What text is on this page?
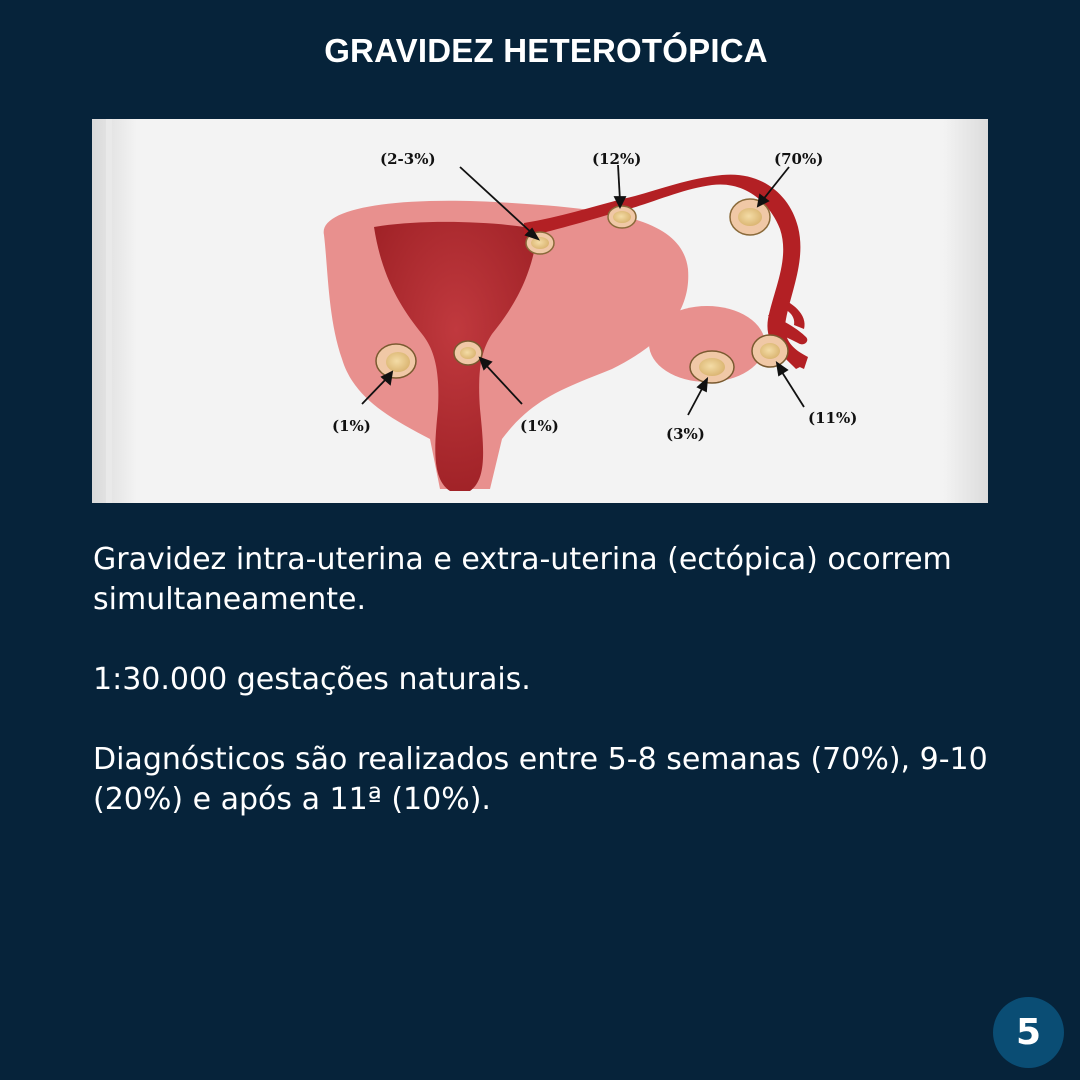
GRAVIDEZ HETEROTÓPICA
(2-3%)	(12%)	(70%)
(1%)	(1%)	(3%)
(11%)

Gravidez intra-uterina e extra-uterina (ectópica) ocorrem simultaneamente.

1:30.000 gestações naturais.

Diagnósticos são realizados entre 5-8 semanas (70%), 9-10 (20%) e após a 11ª (10%).

5
